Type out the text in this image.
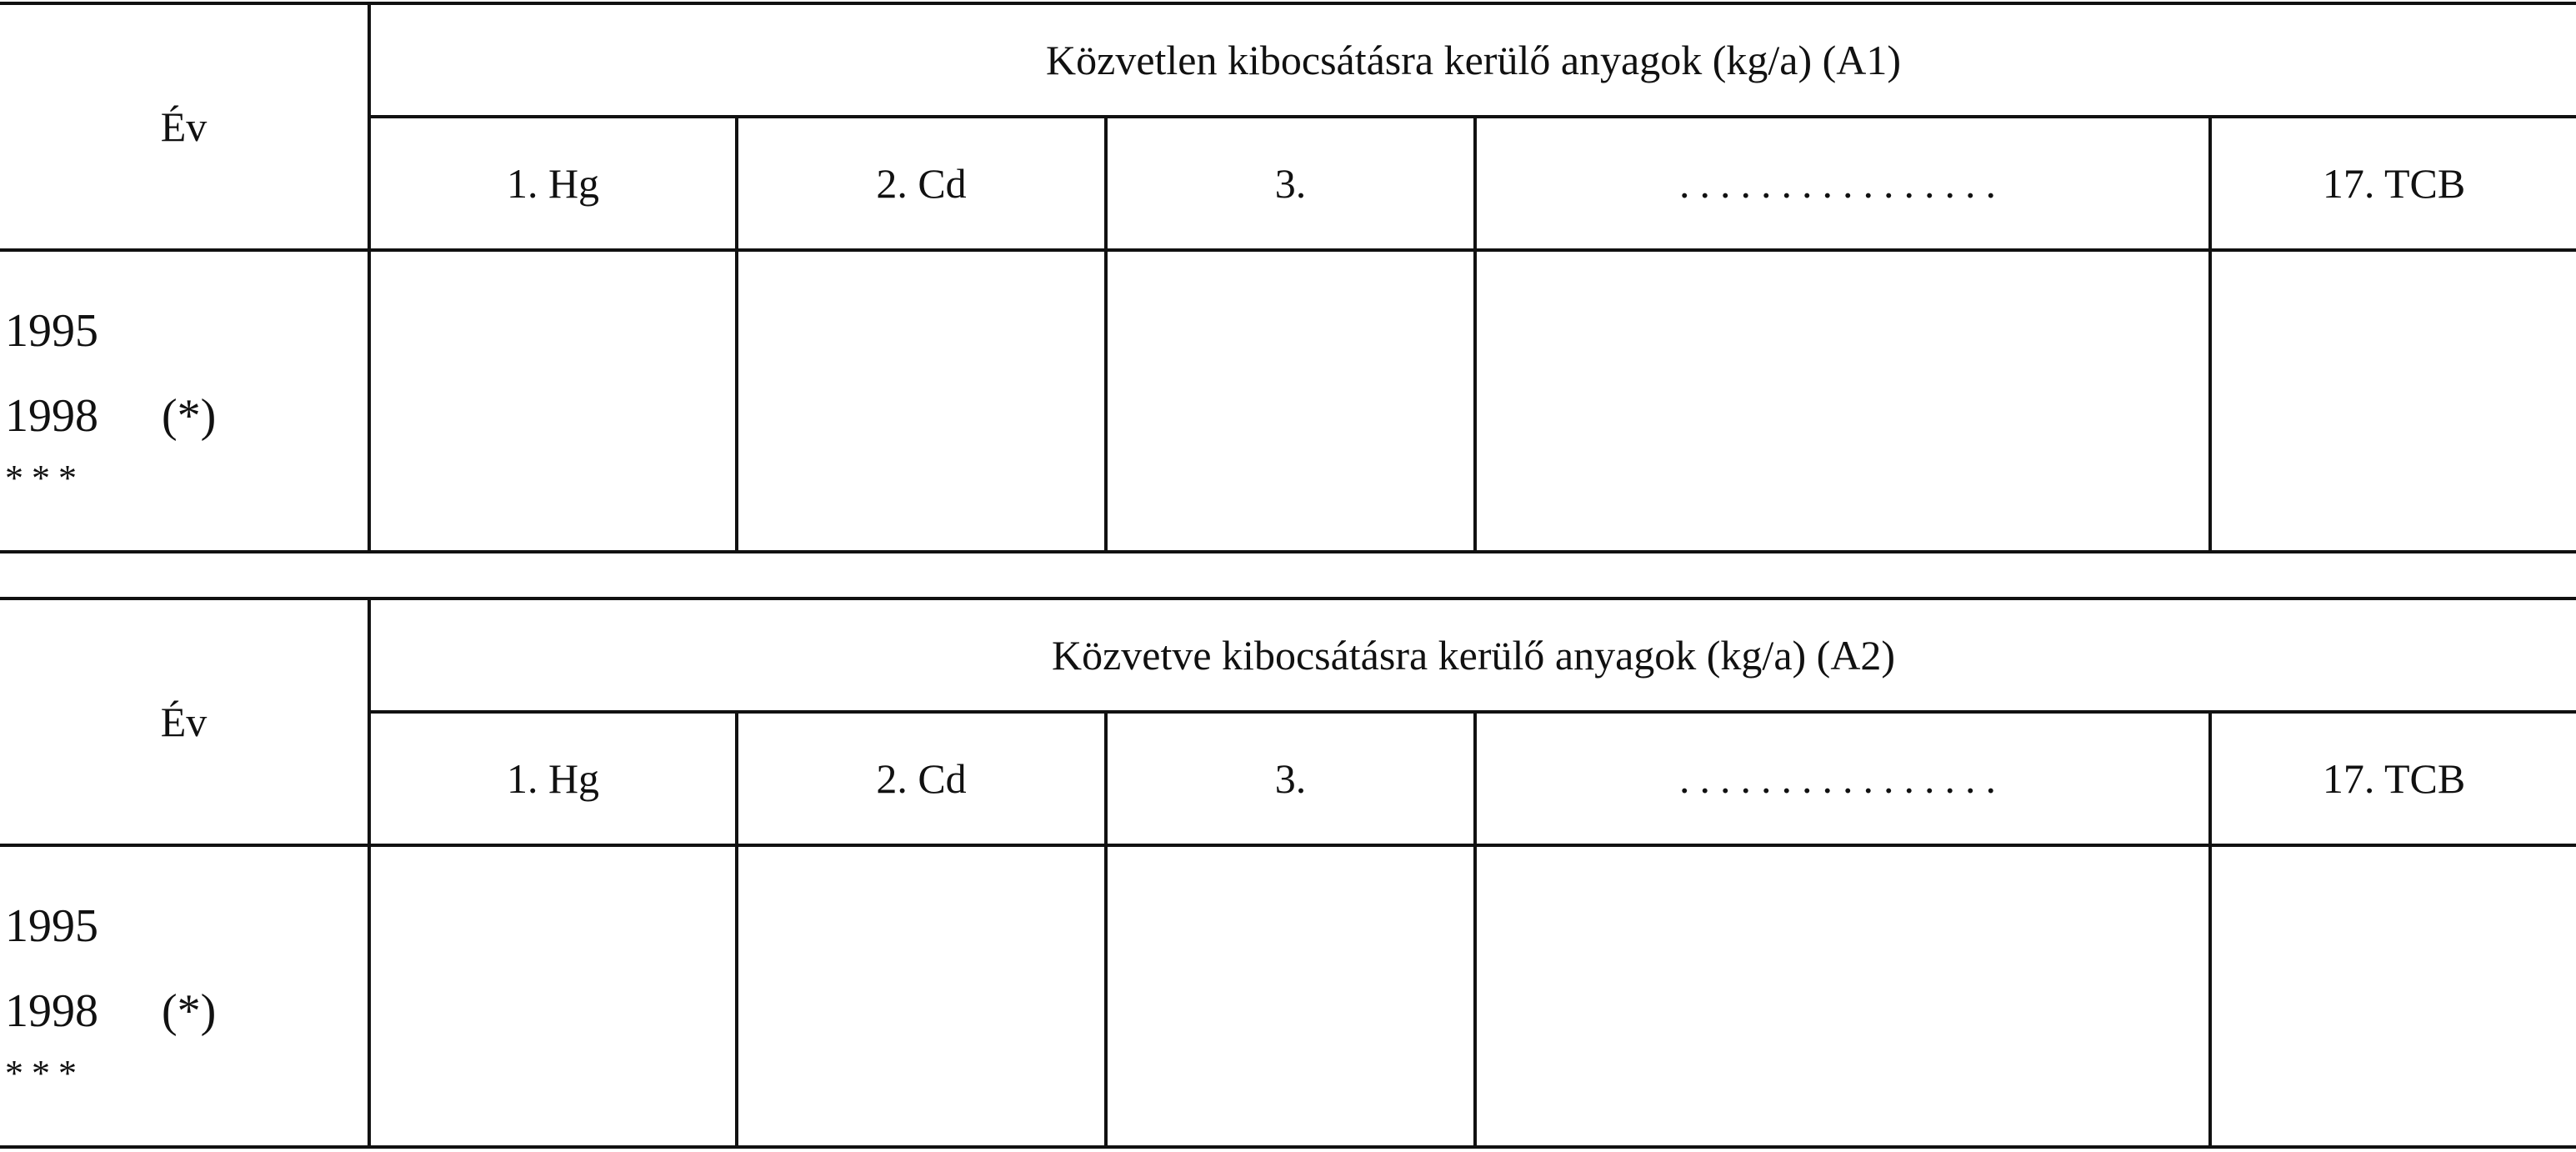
Év	Közvetlen kibocsátásra kerülő anyagok (kg/a) (A1)				
	1. Hg	2. Cd	3.	................	17. TCB

1995
1998 (*)
***					

Év	Közvetve kibocsátásra kerülő anyagok (kg/a) (A2)				
	1. Hg	2. Cd	3.	................	17. TCB

1995
1998 (*)
***					
